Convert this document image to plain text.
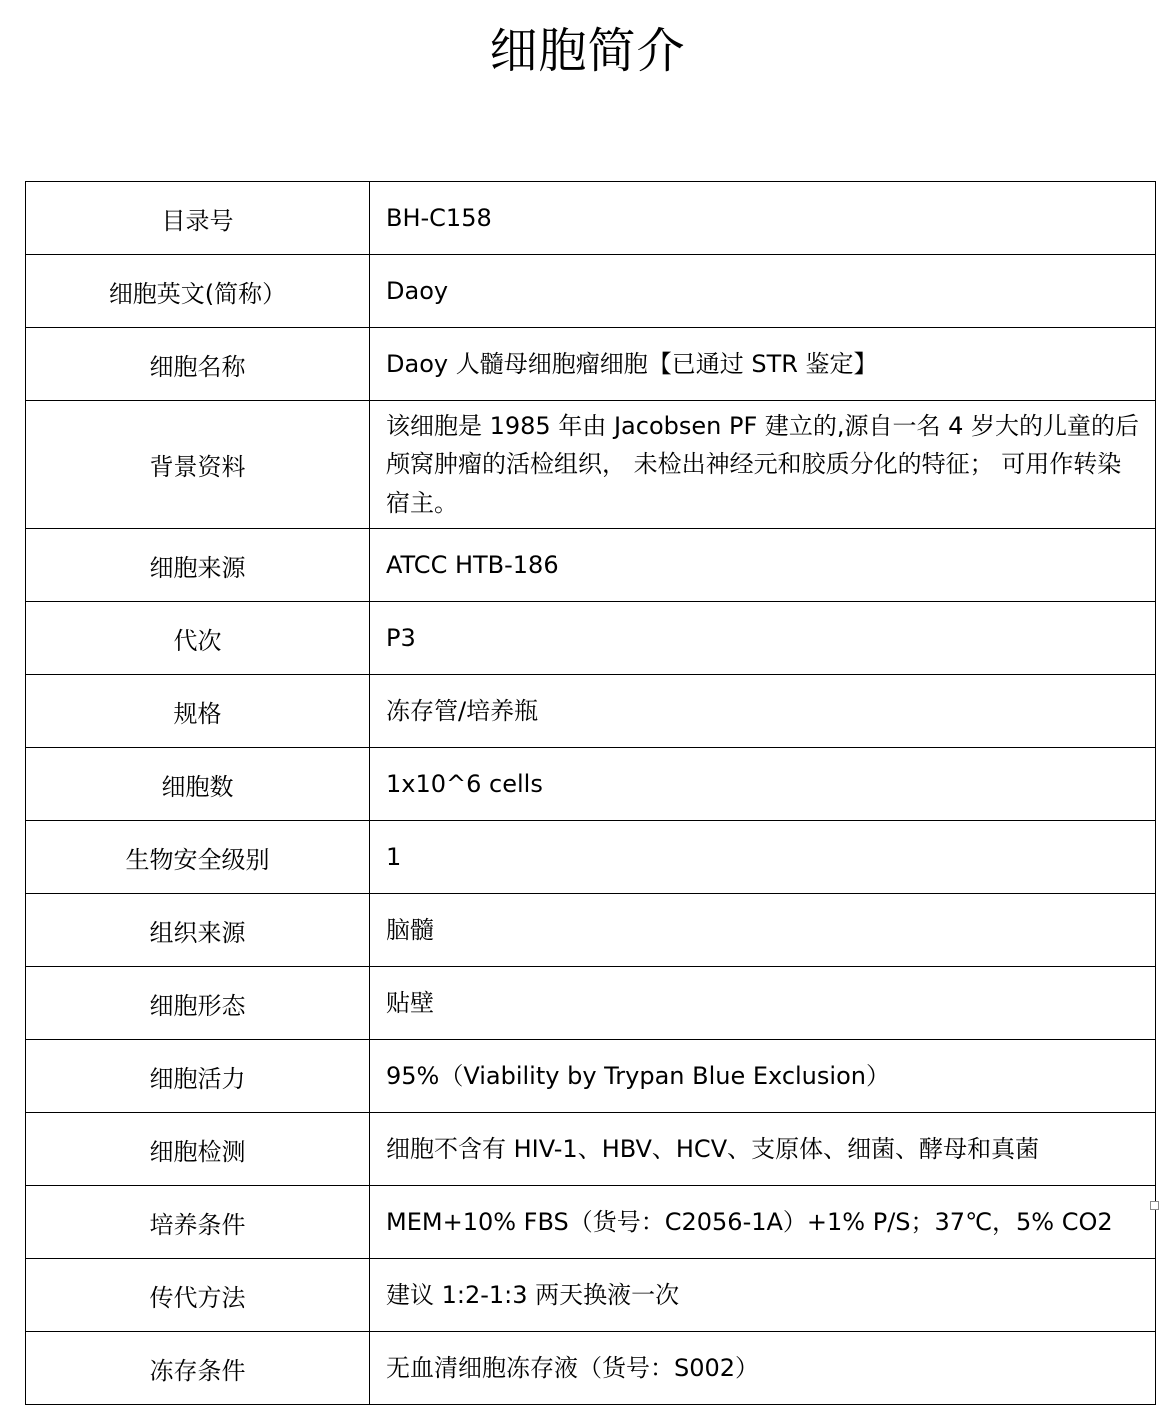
细胞简介
目录号	BH-C158
细胞英文(简称）	Daoy
细胞名称	Daoy 人髓母细胞瘤细胞【已通过 STR 鉴定】
背景资料	该细胞是 1985 年由 Jacobsen PF 建立的,源自一名 4 岁大的儿童的后颅窝肿瘤的活检组织， 未检出神经元和胶质分化的特征； 可用作转染宿主。
细胞来源	ATCC HTB-186
代次	P3
规格	冻存管/培养瓶
细胞数	1x10^6 cells
生物安全级别	1
组织来源	脑髓
细胞形态	贴壁
细胞活力	95%（Viability by Trypan Blue Exclusion）
细胞检测	细胞不含有 HIV-1、HBV、HCV、支原体、细菌、酵母和真菌
培养条件	MEM+10% FBS（货号：C2056-1A）+1% P/S；37℃，5% CO2
传代方法	建议 1:2-1:3 两天换液一次
冻存条件	无血清细胞冻存液（货号：S002）
